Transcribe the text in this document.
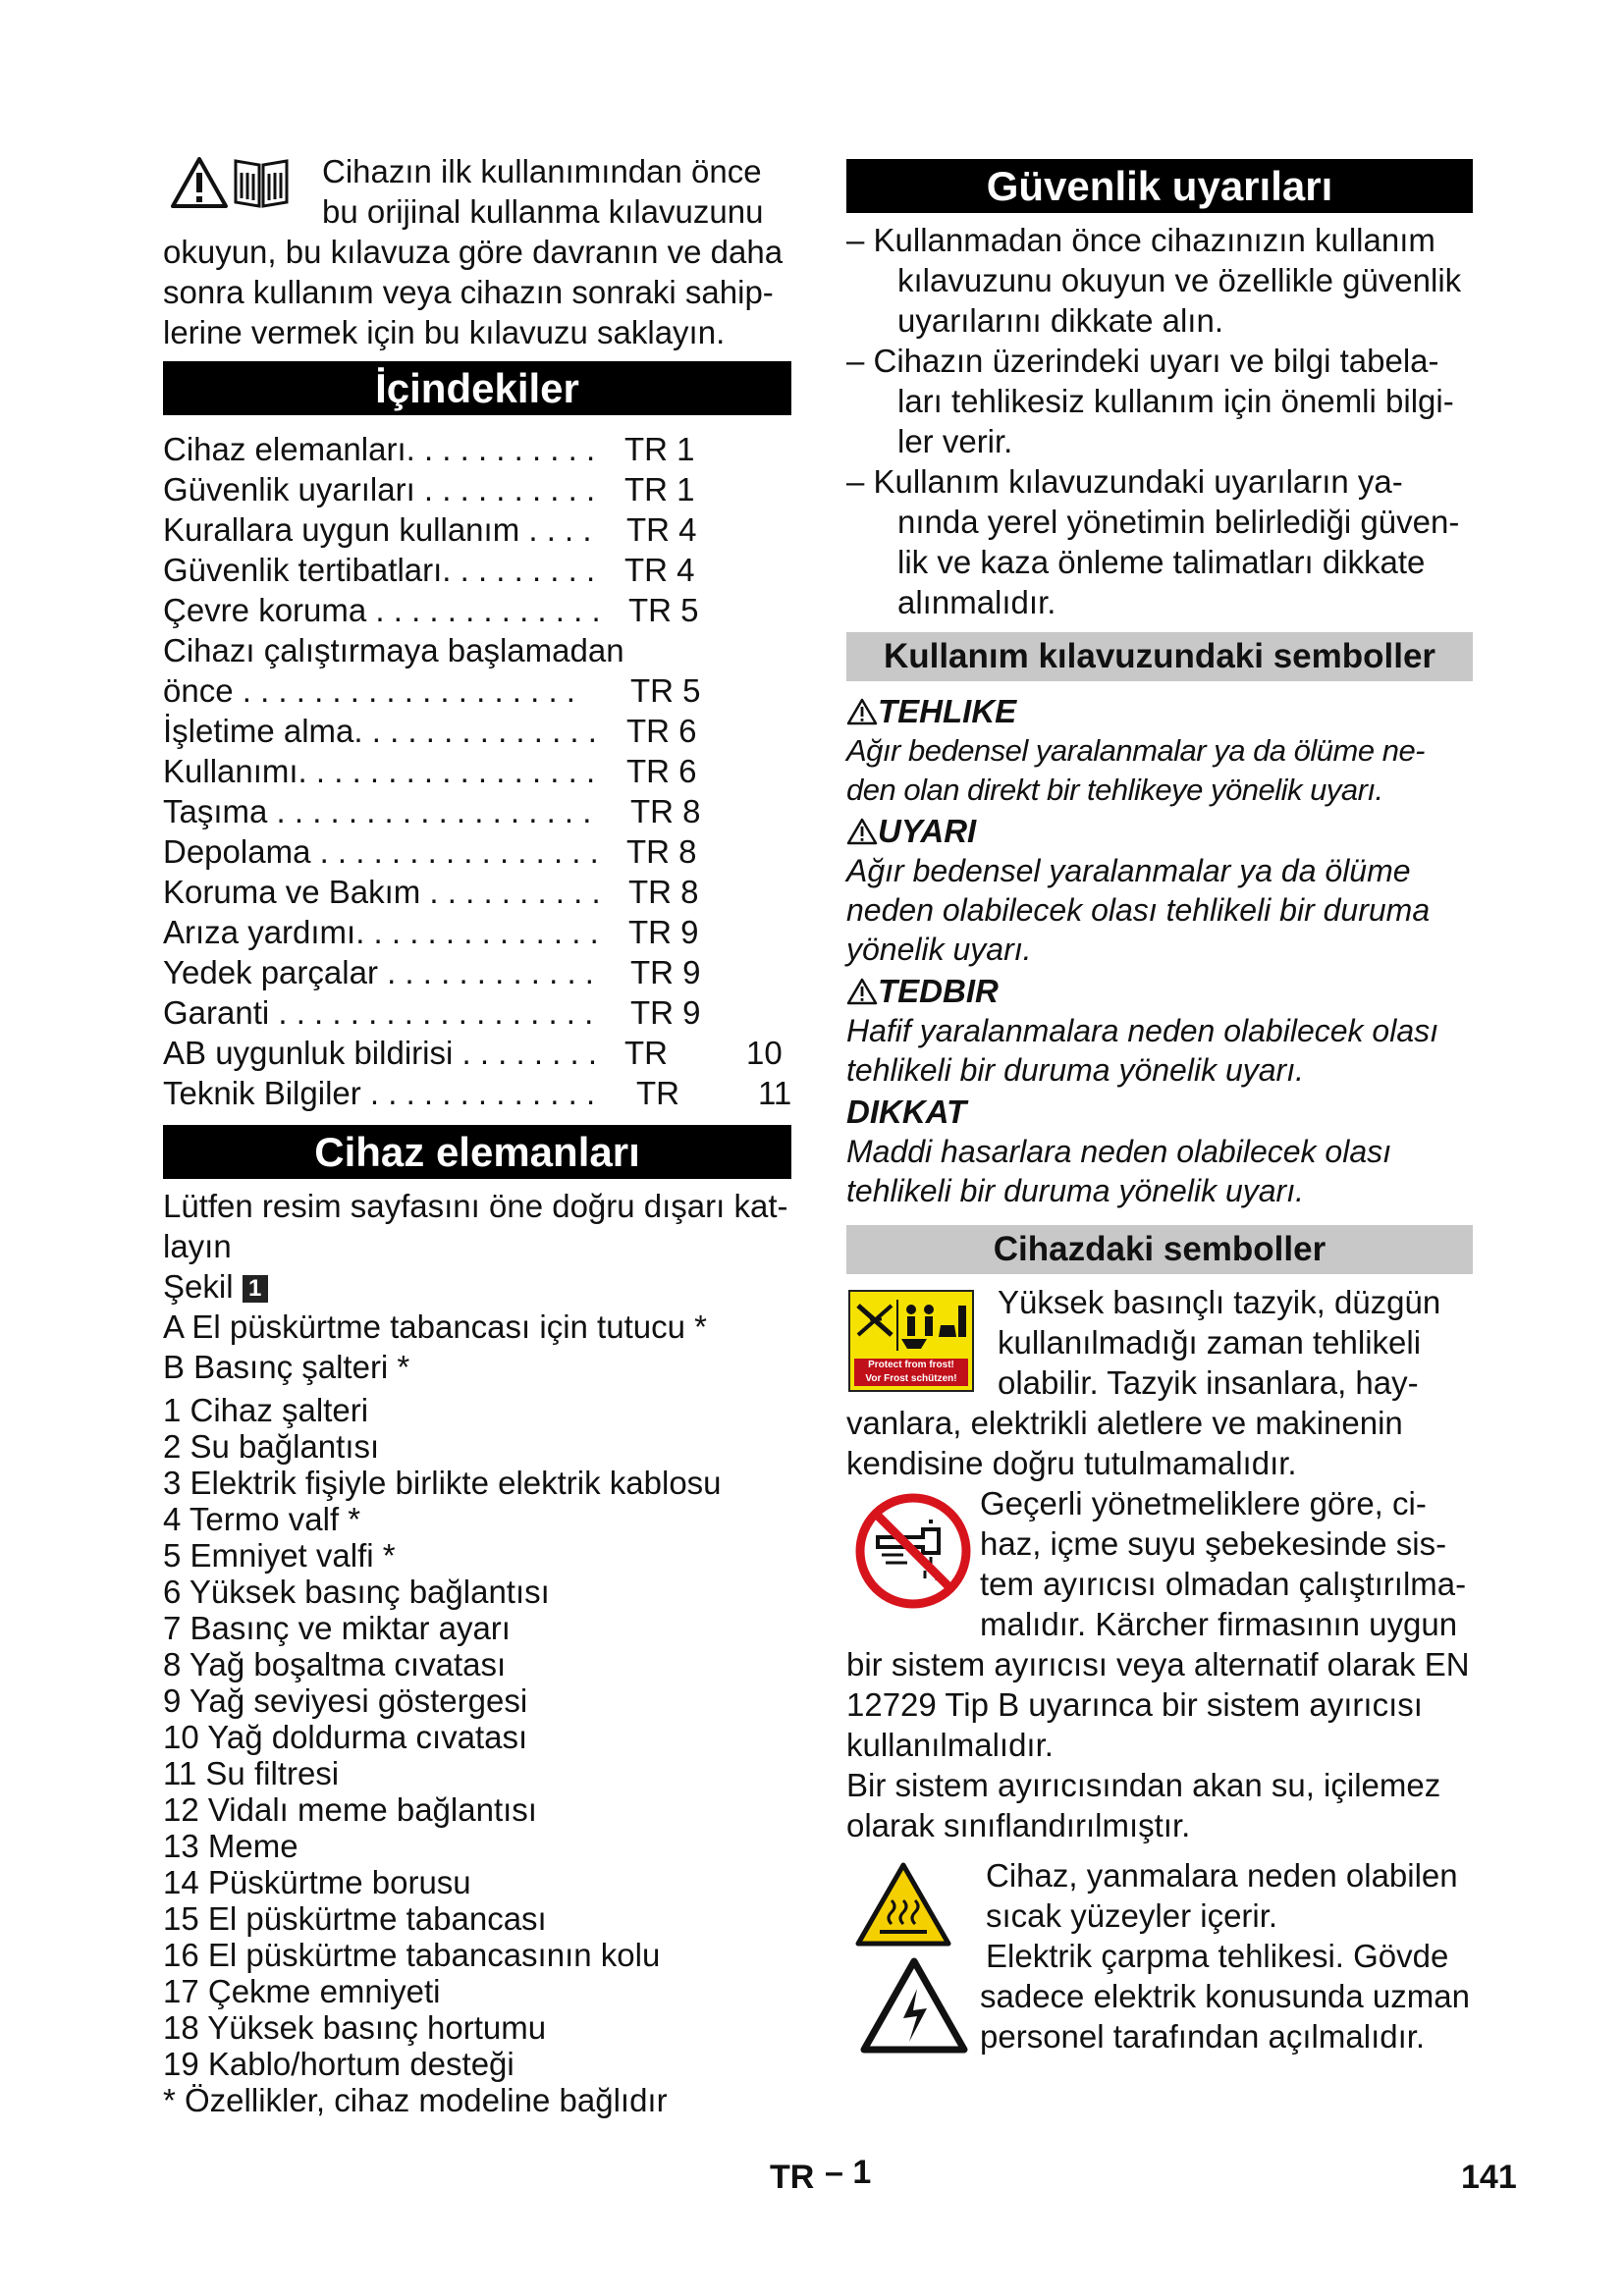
Cihazın ilk kullanımından önce

bu orijinal kullanma kılavuzunu

okuyun, bu kılavuza göre davranın ve daha

sonra kullanım veya cihazın sonraki sahip-

lerine vermek için bu kılavuzu saklayın.

İçindekiler
Cihaz elemanları. . . . . . . . . . . TR 1
Güvenlik uyarıları . . . . . . . . . . TR 1
Kurallara uygun kullanım . . . . TR 4
Güvenlik tertibatları. . . . . . . . . TR 4
Çevre koruma . . . . . . . . . . . . . TR 5
Cihazı çalıştırmaya başlamadan
önce . . . . . . . . . . . . . . . . . . . TR 5
İşletime alma. . . . . . . . . . . . . . TR 6
Kullanımı. . . . . . . . . . . . . . . . . TR 6
Taşıma . . . . . . . . . . . . . . . . . . TR 8
Depolama . . . . . . . . . . . . . . . . TR 8
Koruma ve Bakım . . . . . . . . . . TR 8
Arıza yardımı. . . . . . . . . . . . . . TR 9
Yedek parçalar . . . . . . . . . . . . TR 9
Garanti . . . . . . . . . . . . . . . . . . TR 9
AB uygunluk bildirisi . . . . . . . . TR 10
Teknik Bilgiler . . . . . . . . . . . . . TR 11
Cihaz elemanları

Lütfen resim sayfasını öne doğru dışarı kat-

layın

Şekil 1

A El püskürtme tabancası için tutucu *

B Basınç şalteri *

1 Cihaz şalteri

2 Su bağlantısı

3 Elektrik fişiyle birlikte elektrik kablosu

4 Termo valf *

5 Emniyet valfi *

6 Yüksek basınç bağlantısı

7 Basınç ve miktar ayarı

8 Yağ boşaltma cıvatası

9 Yağ seviyesi göstergesi

10 Yağ doldurma cıvatası

11 Su filtresi

12 Vidalı meme bağlantısı

13 Meme

14 Püskürtme borusu

15 El püskürtme tabancası

16 El püskürtme tabancasının kolu

17 Çekme emniyeti

18 Yüksek basınç hortumu

19 Kablo/hortum desteği

* Özellikler, cihaz modeline bağlıdır

Güvenlik uyarıları

– Kullanmadan önce cihazınızın kullanım

kılavuzunu okuyun ve özellikle güvenlik

uyarılarını dikkate alın.

– Cihazın üzerindeki uyarı ve bilgi tabela-

ları tehlikesiz kullanım için önemli bilgi-

ler verir.

– Kullanım kılavuzundaki uyarıların ya-

nında yerel yönetimin belirlediği güven-

lik ve kaza önleme talimatları dikkate

alınmalıdır.

Kullanım kılavuzundaki semboller
TEHLIKE

Ağır bedensel yaralanmalar ya da ölüme ne-

den olan direkt bir tehlikeye yönelik uyarı.

UYARI

Ağır bedensel yaralanmalar ya da ölüme

neden olabilecek olası tehlikeli bir duruma

yönelik uyarı.

TEDBIR

Hafif yaralanmalara neden olabilecek olası

tehlikeli bir duruma yönelik uyarı.

DIKKAT

Maddi hasarlara neden olabilecek olası

tehlikeli bir duruma yönelik uyarı.

Cihazdaki semboller
Protect from frost!
Vor Frost schützen!

Yüksek basınçlı tazyik, düzgün

kullanılmadığı zaman tehlikeli

olabilir. Tazyik insanlara, hay-

vanlara, elektrikli aletlere ve makinenin

kendisine doğru tutulmamalıdır.

Geçerli yönetmeliklere göre, ci-

haz, içme suyu şebekesinde sis-

tem ayırıcısı olmadan çalıştırılma-

malıdır. Kärcher firmasının uygun

bir sistem ayırıcısı veya alternatif olarak EN

12729 Tip B uyarınca bir sistem ayırıcısı

kullanılmalıdır.

Bir sistem ayırıcısından akan su, içilemez

olarak sınıflandırılmıştır.

Cihaz, yanmalara neden olabilen

sıcak yüzeyler içerir.

Elektrik çarpma tehlikesi. Gövde

sadece elektrik konusunda uzman

personel tarafından açılmalıdır.

TR – 1	141
